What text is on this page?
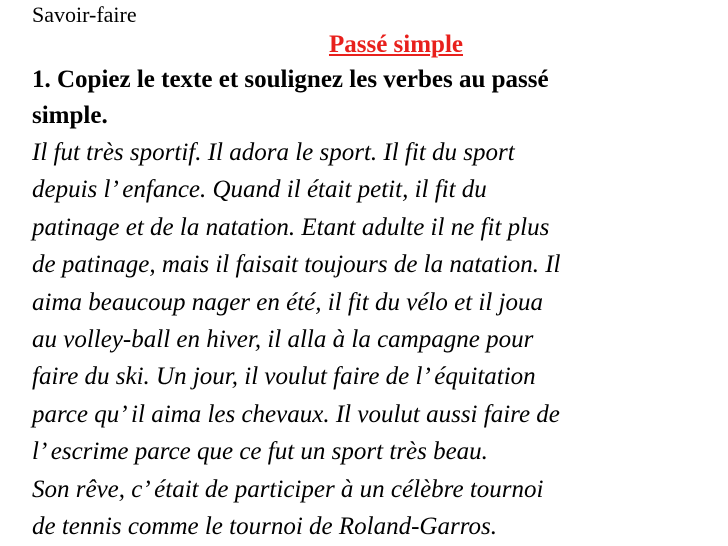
Savoir-faire

Passé simple

1. Copiez le texte et soulignez les verbes au passé
simple.

Il fut très sportif. Il adora le sport. Il fit du sport
depuis l’ enfance. Quand il était petit, il fit du
patinage et de la natation. Etant adulte il ne fit plus
de patinage, mais il faisait toujours de la natation. Il
aima beaucoup nager en été, il fit du vélo et il joua
au volley-ball en hiver, il alla à la campagne pour
faire du ski. Un jour, il voulut faire de l’ équitation
parce qu’ il aima les chevaux. Il voulut aussi faire de
l’ escrime parce que ce fut un sport très beau.
Son rêve, c’ était de participer à un célèbre tournoi
de tennis comme le tournoi de Roland-Garros.
